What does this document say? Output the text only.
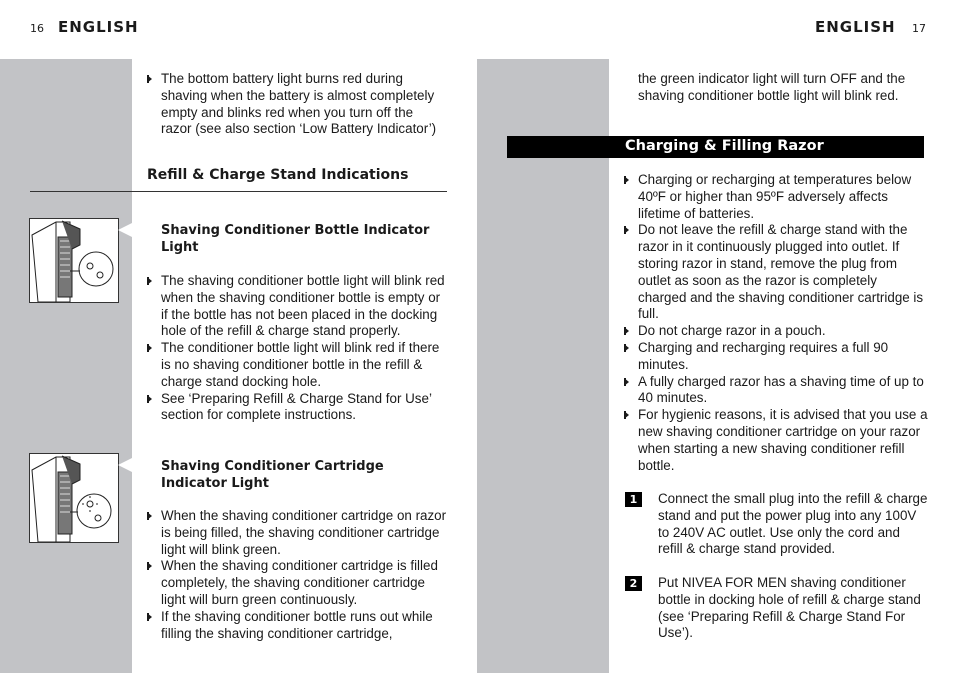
16 ENGLISH
The bottom battery light burns red during shaving when the battery is almost completely empty and blinks red when you turn off the razor (see also section ‘Low Battery Indicator’)
Refill & Charge Stand Indications
Shaving Conditioner Bottle Indicator Light
The shaving conditioner bottle light will blink red when the shaving conditioner bottle is empty or if the bottle has not been placed in the docking hole of the refill & charge stand properly.
The conditioner bottle light will blink red if there is no shaving conditioner bottle in the refill & charge stand docking hole.
See ‘Preparing Refill & Charge Stand for Use’ section for complete instructions.
Shaving Conditioner Cartridge Indicator Light
When the shaving conditioner cartridge on razor is being filled, the shaving conditioner cartridge light will blink green.
When the shaving conditioner cartridge is filled completely, the shaving conditioner cartridge light will burn green continuously.
If the shaving conditioner bottle runs out while filling the shaving conditioner cartridge,
ENGLISH 17
the green indicator light will turn OFF and the shaving conditioner bottle light will blink red.
Charging & Filling Razor
Charging or recharging at temperatures below 40ºF or higher than 95ºF adversely affects lifetime of batteries.
Do not leave the refill & charge stand with the razor in it continuously plugged into outlet. If storing razor in stand, remove the plug from outlet as soon as the razor is completely charged and the shaving conditioner cartridge is full.
Do not charge razor in a pouch.
Charging and recharging requires a full 90 minutes.
A fully charged razor has a shaving time of up to 40 minutes.
For hygienic reasons, it is advised that you use a new shaving conditioner cartridge on your razor when starting a new shaving conditioner refill bottle.
1	Connect the small plug into the refill & charge stand and put the power plug into any 100V to 240V AC outlet. Use only the cord and refill & charge stand provided.
2	Put NIVEA FOR MEN shaving conditioner bottle in docking hole of refill & charge stand (see ‘Preparing Refill & Charge Stand For Use’).
